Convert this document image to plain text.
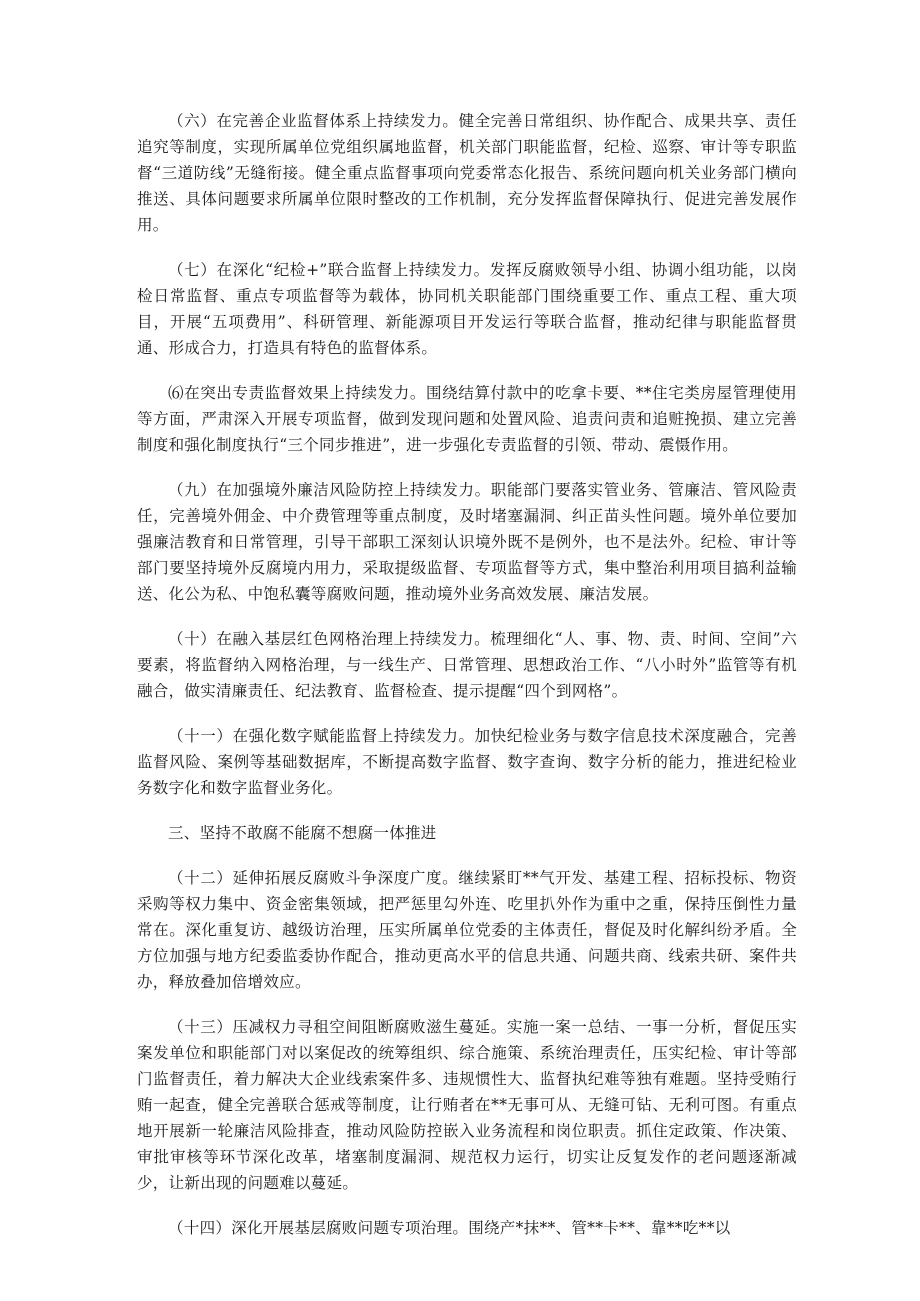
（六）在完善企业监督体系上持续发力。健全完善日常组织、协作配合、成果共享、责任追究等制度，实现所属单位党组织属地监督，机关部门职能监督，纪检、巡察、审计等专职监督“三道防线”无缝衔接。健全重点监督事项向党委常态化报告、系统问题向机关业务部门横向推送、具体问题要求所属单位限时整改的工作机制，充分发挥监督保障执行、促进完善发展作用。

（七）在深化“纪检+”联合监督上持续发力。发挥反腐败领导小组、协调小组功能，以岗检日常监督、重点专项监督等为载体，协同机关职能部门围绕重要工作、重点工程、重大项目，开展“五项费用”、科研管理、新能源项目开发运行等联合监督，推动纪律与职能监督贯通、形成合力，打造具有特色的监督体系。

⑹在突出专责监督效果上持续发力。围绕结算付款中的吃拿卡要、**住宅类房屋管理使用等方面，严肃深入开展专项监督，做到发现问题和处置风险、追责问责和追赃挽损、建立完善制度和强化制度执行“三个同步推进”，进一步强化专责监督的引领、带动、震慑作用。

（九）在加强境外廉洁风险防控上持续发力。职能部门要落实管业务、管廉洁、管风险责任，完善境外佣金、中介费管理等重点制度，及时堵塞漏洞、纠正苗头性问题。境外单位要加强廉洁教育和日常管理，引导干部职工深刻认识境外既不是例外，也不是法外。纪检、审计等部门要坚持境外反腐境内用力，采取提级监督、专项监督等方式，集中整治利用项目搞利益输送、化公为私、中饱私囊等腐败问题，推动境外业务高效发展、廉洁发展。

（十）在融入基层红色网格治理上持续发力。梳理细化“人、事、物、责、时间、空间”六要素，将监督纳入网格治理，与一线生产、日常管理、思想政治工作、“八小时外”监管等有机融合，做实清廉责任、纪法教育、监督检查、提示提醒“四个到网格”。

（十一）在强化数字赋能监督上持续发力。加快纪检业务与数字信息技术深度融合，完善监督风险、案例等基础数据库，不断提高数字监督、数字查询、数字分析的能力，推进纪检业务数字化和数字监督业务化。

三、坚持不敢腐不能腐不想腐一体推进

（十二）延伸拓展反腐败斗争深度广度。继续紧盯**气开发、基建工程、招标投标、物资采购等权力集中、资金密集领域，把严惩里勾外连、吃里扒外作为重中之重，保持压倒性力量常在。深化重复访、越级访治理，压实所属单位党委的主体责任，督促及时化解纠纷矛盾。全方位加强与地方纪委监委协作配合，推动更高水平的信息共通、问题共商、线索共研、案件共办，释放叠加倍增效应。

（十三）压减权力寻租空间阻断腐败滋生蔓延。实施一案一总结、一事一分析，督促压实案发单位和职能部门对以案促改的统筹组织、综合施策、系统治理责任，压实纪检、审计等部门监督责任，着力解决大企业线索案件多、违规惯性大、监督执纪难等独有难题。坚持受贿行贿一起查，健全完善联合惩戒等制度，让行贿者在**无事可从、无缝可钻、无利可图。有重点地开展新一轮廉洁风险排查，推动风险防控嵌入业务流程和岗位职责。抓住定政策、作决策、审批审核等环节深化改革，堵塞制度漏洞、规范权力运行，切实让反复发作的老问题逐渐减少，让新出现的问题难以蔓延。

（十四）深化开展基层腐败问题专项治理。围绕产*抹**、管**卡**、靠**吃**以
